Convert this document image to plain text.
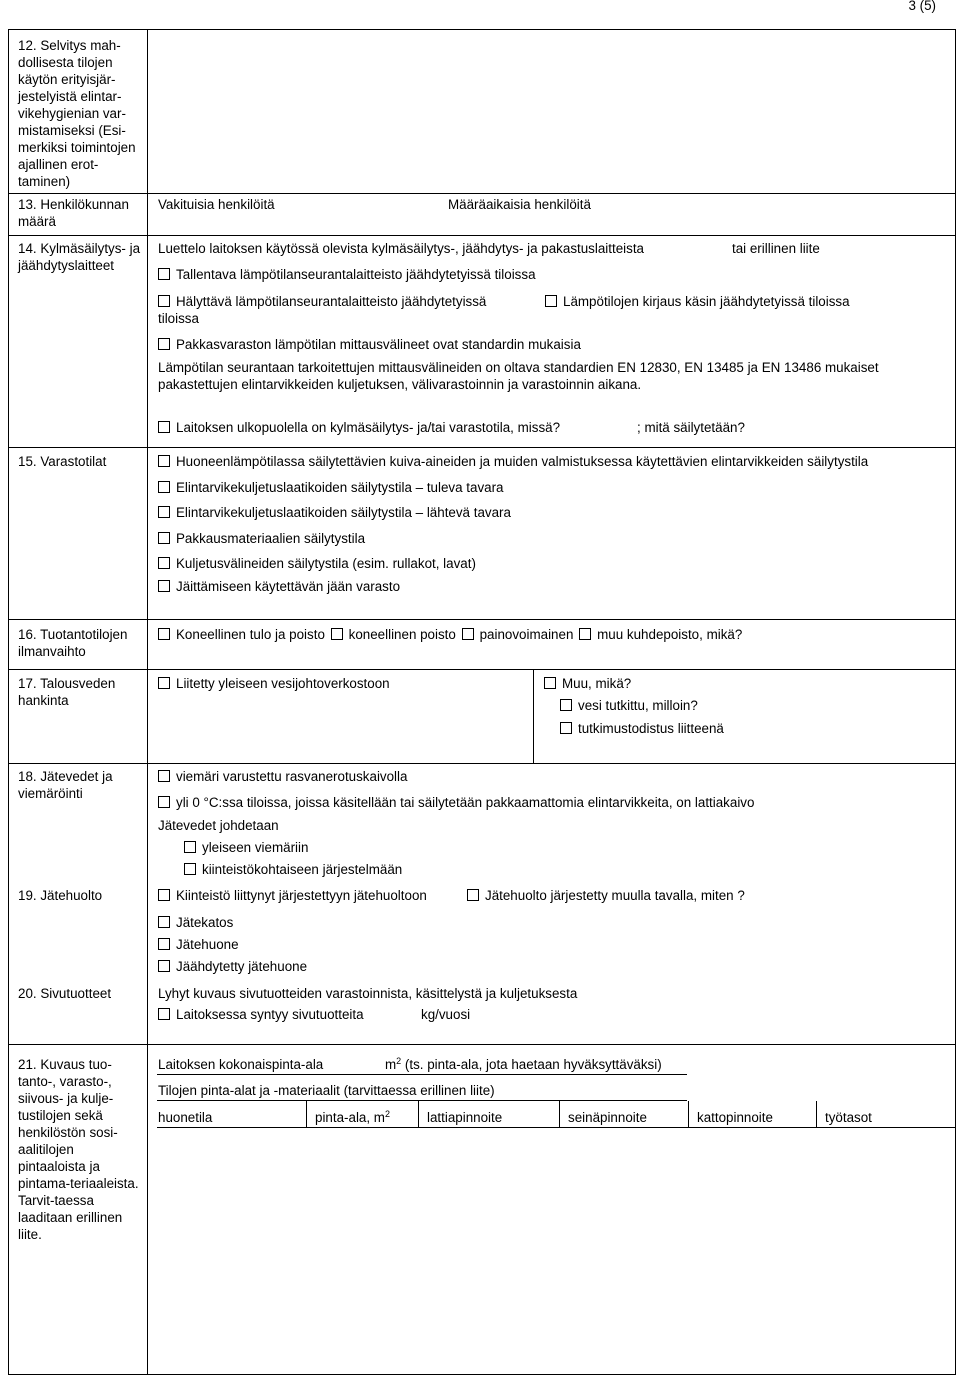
3 (5)
12. Selvitys mah-dollisesta tilojen käytön erityisjär-jestelyistä elintar-vikehygienian var-mistamiseksi (Esi-merkiksi toimintojen ajallinen erot-taminen)
13. Henkilökunnan määrä
Vakituisia henkilöitä	Määräaikaisia henkilöitä
14. Kylmäsäilytys- ja jäähdytyslaitteet
Luettelo laitoksen käytössä olevista kylmäsäilytys-, jäähdytys- ja pakastuslaitteista	tai erillinen liite
Tallentava lämpötilanseurantalaitteisto jäähdytetyissä tiloissa
Hälyttävä lämpötilanseurantalaitteisto jäähdytetyissä
tiloissa
Lämpötilojen kirjaus käsin jäähdytetyissä tiloissa
Pakkasvaraston lämpötilan mittausvälineet ovat standardin mukaisia
Lämpötilan seurantaan tarkoitettujen mittausvälineiden on oltava standardien EN 12830, EN 13485 ja EN 13486 mukaiset
pakastettujen elintarvikkeiden kuljetuksen, välivarastoinnin ja varastoinnin aikana.
Laitoksen ulkopuolella on kylmäsäilytys- ja/tai varastotila, missä?	; mitä säilytetään?
15. Varastotilat	Huoneenlämpötilassa säilytettävien kuiva-aineiden ja muiden valmistuksessa käytettävien elintarvikkeiden säilytystila
Elintarvikekuljetuslaatikoiden säilytystila – tuleva tavara
Elintarvikekuljetuslaatikoiden säilytystila – lähtevä tavara
Pakkausmateriaalien säilytystila
Kuljetusvälineiden säilytystila (esim. rullakot, lavat)
Jäittämiseen käytettävän jään varasto
16. Tuotantotilojen ilmanvaihto
Koneellinen tulo ja poisto koneellinen poisto painovoimainen muu kuhdepoisto, mikä?
17. Talousveden hankinta
Liitetty yleiseen vesijohtoverkostoon	Muu, mikä?
vesi tutkittu, milloin?
tutkimustodistus liitteenä
18. Jätevedet ja viemäröinti
viemäri varustettu rasvanerotuskaivolla
yli 0 °C:ssa tiloissa, joissa käsitellään tai säilytetään pakkaamattomia elintarvikkeita, on lattiakaivo
Jätevedet johdetaan
yleiseen viemäriin
kiinteistökohtaiseen järjestelmään
19. Jätehuolto	Kiinteistö liittynyt järjestettyyn jätehuoltoon	Jätehuolto järjestetty muulla tavalla, miten ?
Jätekatos
Jätehuone
Jäähdytetty jätehuone
20. Sivutuotteet	Lyhyt kuvaus sivutuotteiden varastoinnista, käsittelystä ja kuljetuksesta
Laitoksessa syntyy sivutuotteita	kg/vuosi
21. Kuvaus tuo-tanto-, varasto-, siivous- ja kulje-tustilojen sekä henkilöstön sosi-aalitilojen pintaaloista ja pintama-teriaaleista. Tarvit-taessa laaditaan erillinen liite.
Laitoksen kokonaispinta-ala	$m^2$ (ts. pinta-ala, jota haetaan hyväksyttäväksi)
Tilojen pinta-alat ja -materiaalit (tarvittaessa erillinen liite)
huonetila	pinta-ala, $m^2$	lattiapinnoite	seinäpinnoite	kattopinnoite	työtasot
